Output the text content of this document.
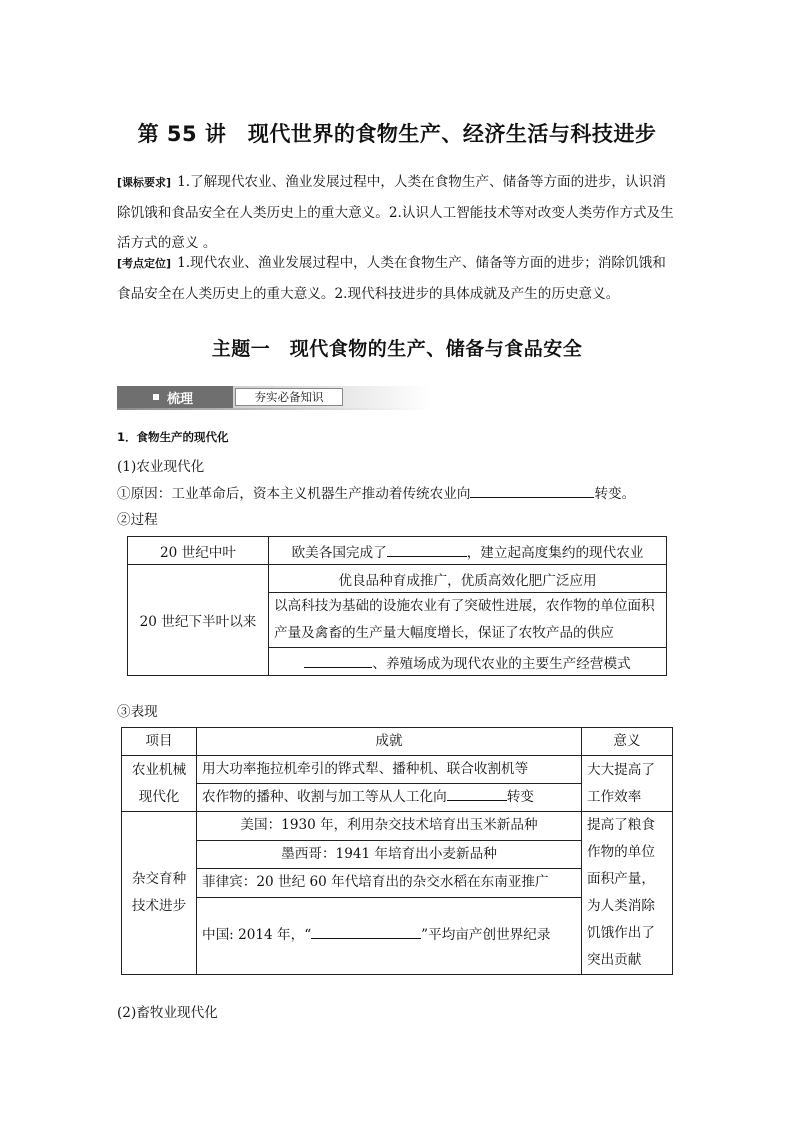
第 55 讲　现代世界的食物生产、经济生活与科技进步
[课标要求] 1.了解现代农业、渔业发展过程中，人类在食物生产、储备等方面的进步，认识消除饥饿和食品安全在人类历史上的重大意义。2.认识人工智能技术等对改变人类劳作方式及生活方式的意义 。
[考点定位] 1.现代农业、渔业发展过程中，人类在食物生产、储备等方面的进步；消除饥饿和食品安全在人类历史上的重大意义。2.现代科技进步的具体成就及产生的历史意义。
主题一　现代食物的生产、储备与食品安全
梳理	夯实必备知识
1．食物生产的现代化
(1)农业现代化
①原因：工业革命后，资本主义机器生产推动着传统农业向	转变。
②过程
20 世纪中叶	欧美各国完成了 ，建立起高度集约的现代农业
20 世纪下半叶以来	优良品种育成推广，优质高效化肥广泛应用
	以高科技为基础的设施农业有了突破性进展，农作物的单位面积产量及禽畜的生产量大幅度增长，保证了农牧产品的供应
	、养殖场成为现代农业的主要生产经营模式
③表现
项目	成就	意义
农业机械现代化	用大功率拖拉机牵引的铧式犁、播种机、联合收割机等	大大提高了工作效率
	农作物的播种、收割与加工等从人工化向 转变	
杂交育种技术进步	美国：1930 年，利用杂交技术培育出玉米新品种	提高了粮食作物的单位面积产量，为人类消除饥饿作出了突出贡献
	墨西哥：1941 年培育出小麦新品种	
	菲律宾：20 世纪 60 年代培育出的杂交水稻在东南亚推广	
	中国: 2014 年，“ ”平均亩产创世界纪录	
(2)畜牧业现代化
